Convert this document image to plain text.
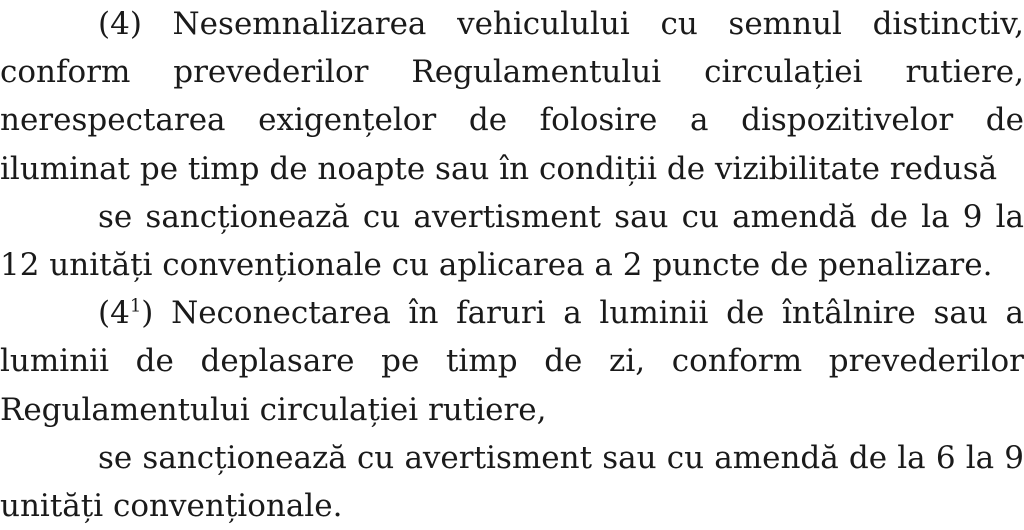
(4) Nesemnalizarea vehiculului cu semnul distinctiv, conform prevederilor Regulamentului circulației rutiere, nerespectarea exigențelor de folosire a dispozitivelor de iluminat pe timp de noapte sau în condiții de vizibilitate redusă

se sancționează cu avertisment sau cu amendă de la 9 la 12 unități convenționale cu aplicarea a 2 puncte de penalizare.

$(4^1)$ Neconectarea în faruri a luminii de întâlnire sau a luminii de deplasare pe timp de zi, conform prevederilor Regulamentului circulației rutiere,

se sancționează cu avertisment sau cu amendă de la 6 la 9 unități convenționale.
